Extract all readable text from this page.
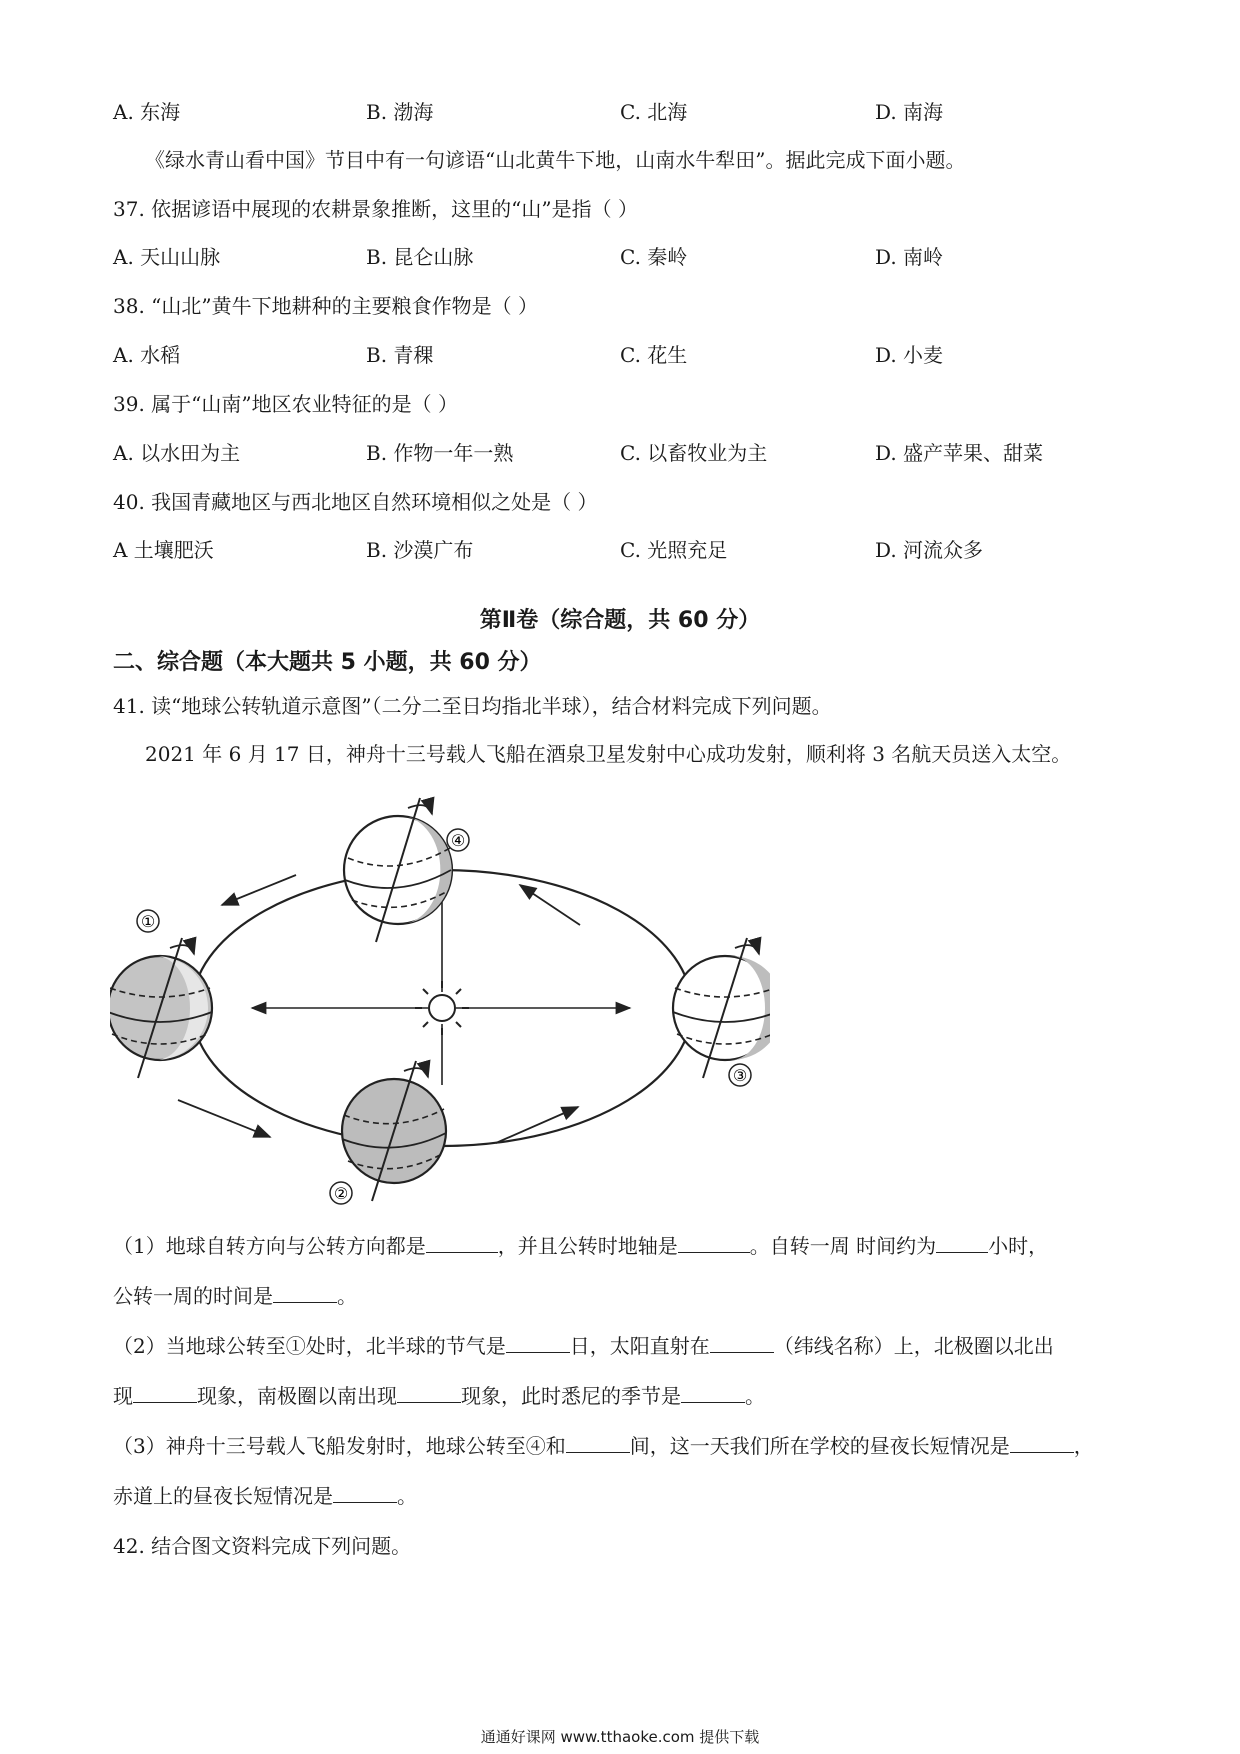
A. 东海	B. 渤海	C. 北海	D. 南海
《绿水青山看中国》节目中有一句谚语“山北黄牛下地，山南水牛犁田”。据此完成下面小题。
37. 依据谚语中展现的农耕景象推断，这里的“山”是指（ ）
A. 天山山脉	B. 昆仑山脉	C. 秦岭	D. 南岭
38. “山北”黄牛下地耕种的主要粮食作物是（ ）
A. 水稻	B. 青稞	C. 花生	D. 小麦
39. 属于“山南”地区农业特征的是（ ）
A. 以水田为主	B. 作物一年一熟	C. 以畜牧业为主	D. 盛产苹果、甜菜
40. 我国青藏地区与西北地区自然环境相似之处是（ ）
A 土壤肥沃	B. 沙漠广布	C. 光照充足	D. 河流众多
第Ⅱ卷（综合题，共 60 分）
二、综合题（本大题共 5 小题，共 60 分）
41. 读“地球公转轨道示意图”（二分二至日均指北半球），结合材料完成下列问题。
2021 年 6 月 17 日，神舟十三号载人飞船在酒泉卫星发射中心成功发射，顺利将 3 名航天员送入太空。
④
①
③
②
（1）地球自转方向与公转方向都是	，并且公转时地轴是	。自转一周 时间约为	小时，
公转一周的时间是	。
（2）当地球公转至①处时，北半球的节气是	日，太阳直射在	（纬线名称）上，北极圈以北出
现	现象，南极圈以南出现	现象，此时悉尼的季节是	。
（3）神舟十三号载人飞船发射时，地球公转至④和	间，这一天我们所在学校的昼夜长短情况是	，
赤道上的昼夜长短情况是	。
42. 结合图文资料完成下列问题。
通通好课网 www.tthaoke.com 提供下载
